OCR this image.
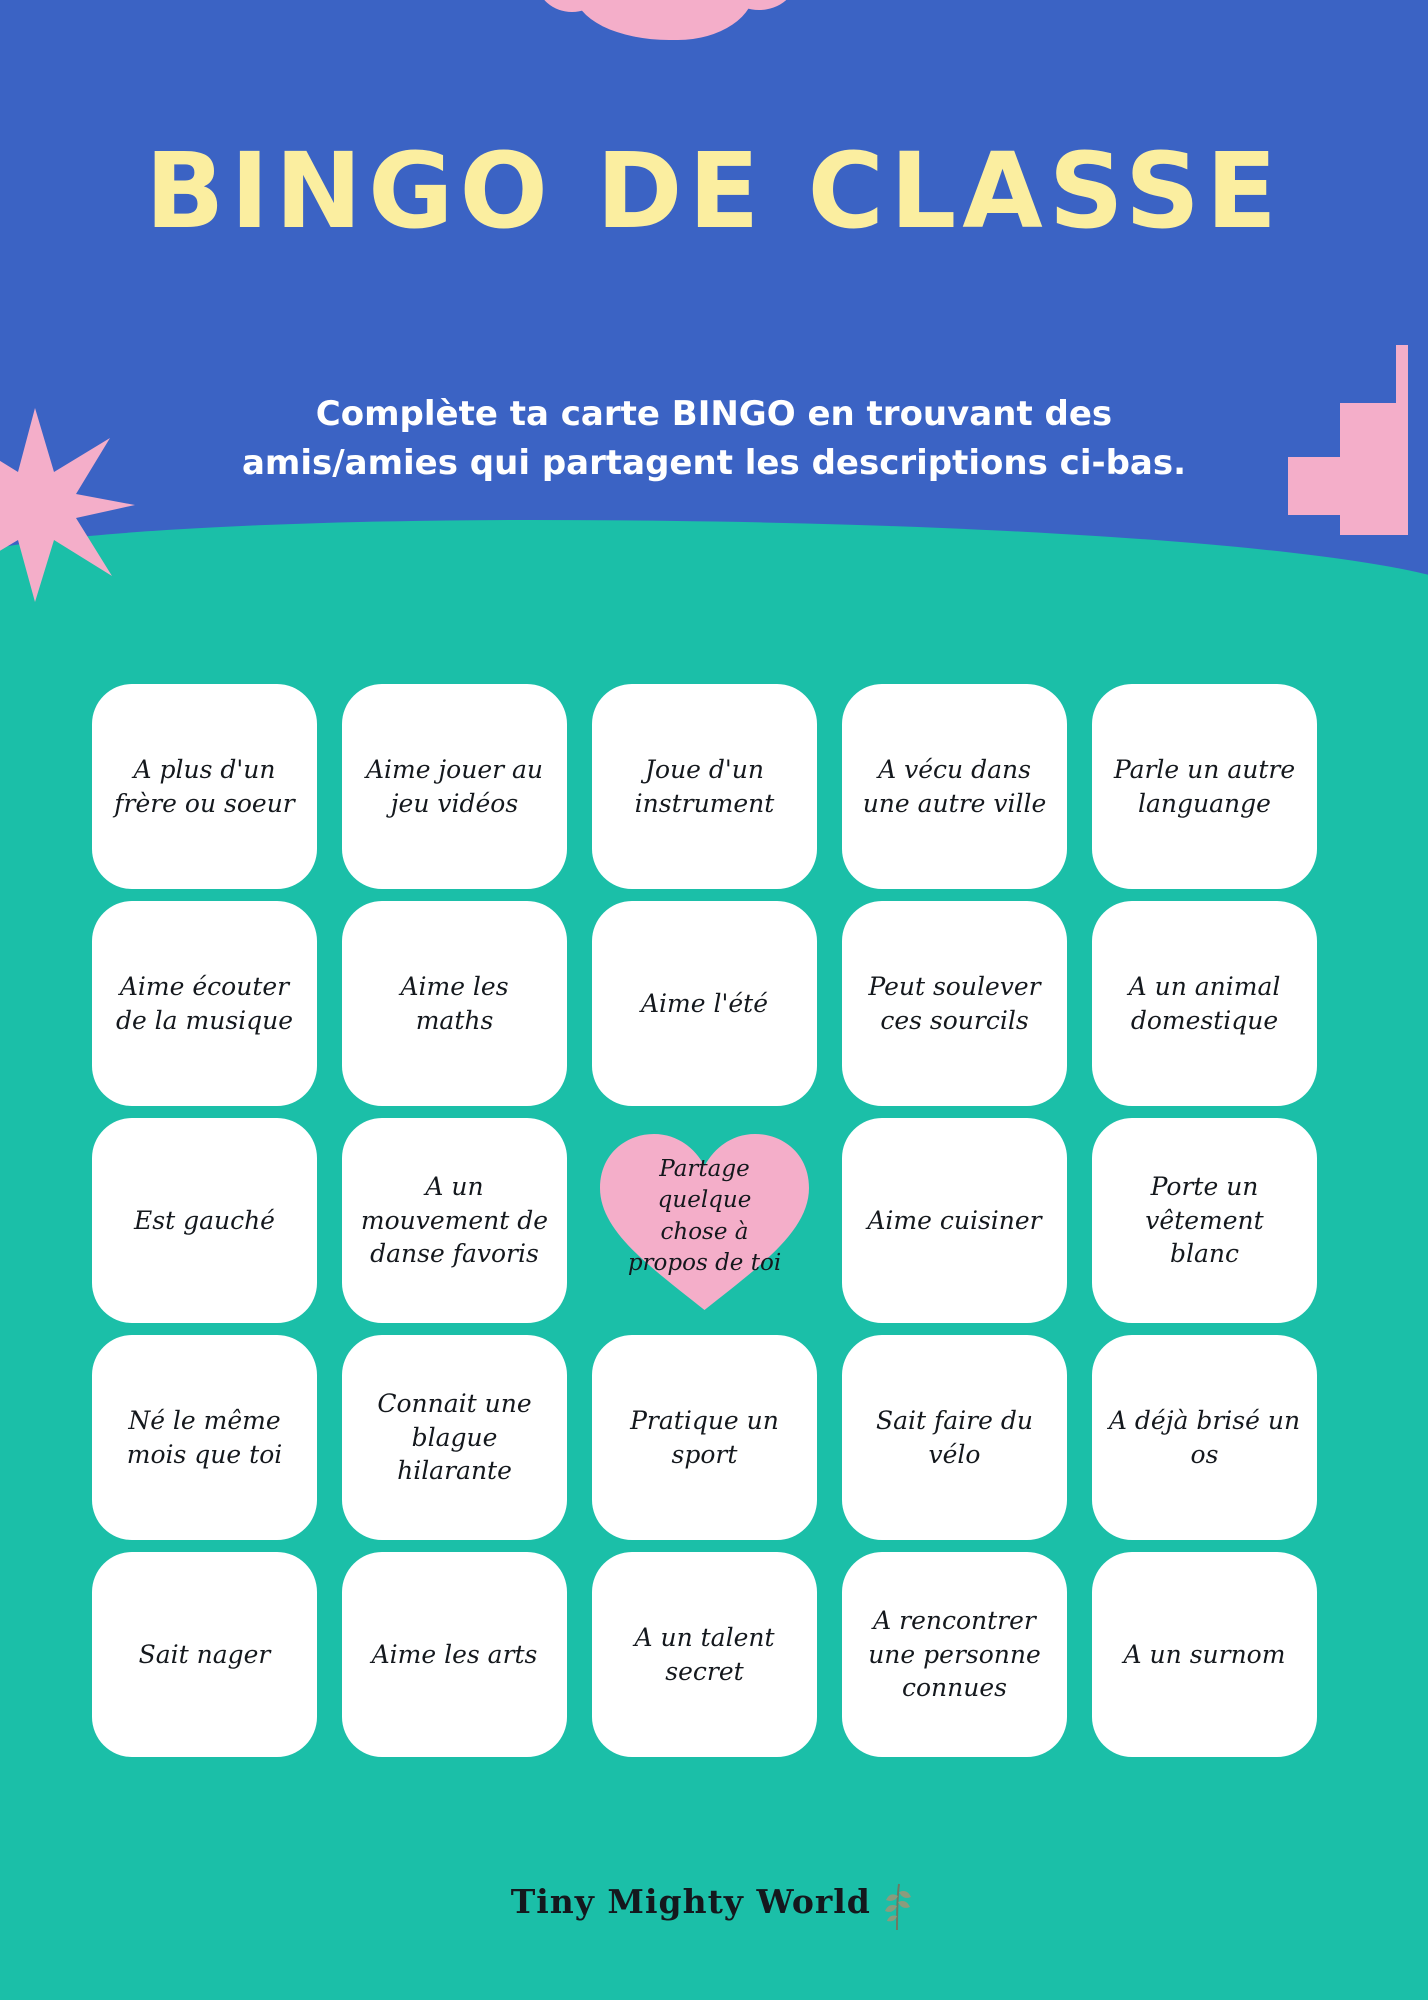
BINGO DE CLASSE
Complète ta carte BINGO en trouvant des
amis/amies qui partagent les descriptions ci-bas.
A plus d'un frère ou soeur
Aime jouer au jeu vidéos
Joue d'un instrument
A vécu dans une autre ville
Parle un autre languange
Aime écouter de la musique
Aime les maths
Aime l'été
Peut soulever ces sourcils
A un animal domestique
Est gauché
A un mouvement de danse favoris
Partage quelque chose à propos de toi
Aime cuisiner
Porte un vêtement blanc
Né le même mois que toi
Connait une blague hilarante
Pratique un sport
Sait faire du vélo
A déjà brisé un os
Sait nager	Aime les arts
A un talent secret
A rencontrer une personne connues
A un surnom
Tiny Mighty World
